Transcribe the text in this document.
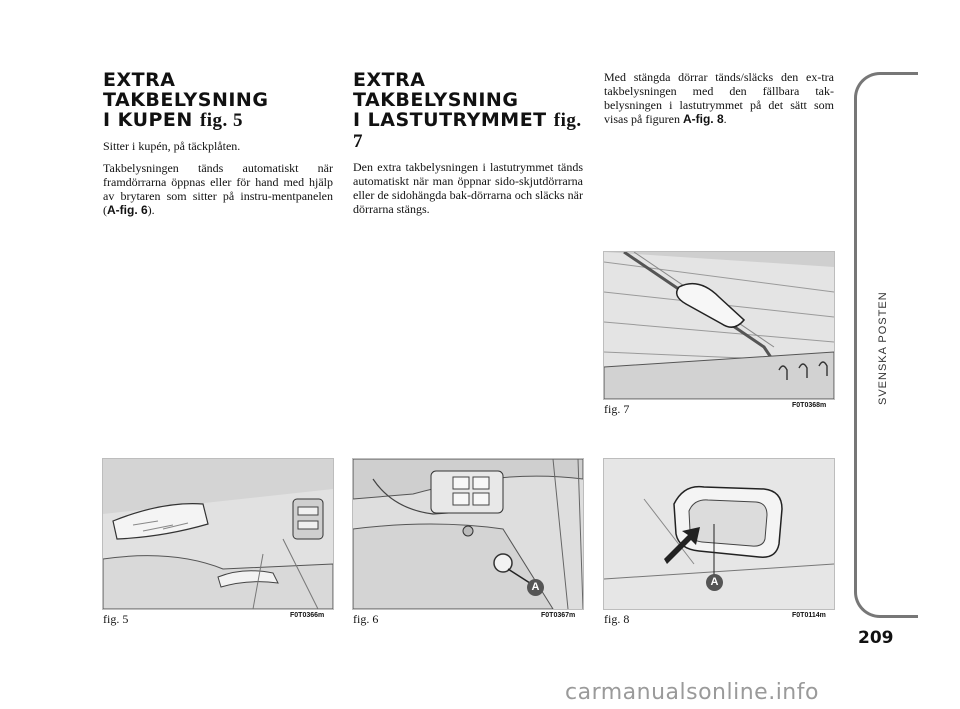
EXTRA TAKBELYSNING
I KUPEN fig. 5

Sitter i kupén, på täckplåten.

Takbelysningen tänds automatiskt när framdörrarna öppnas eller för hand med hjälp av brytaren som sitter på instru-mentpanelen (A-fig. 6).

EXTRA TAKBELYSNING
I LASTUTRYMMET fig. 7

Den extra takbelysningen i lastutrymmet tänds automatiskt när man öppnar sido-skjutdörrarna eller de sidohängda bak-dörrarna och släcks när dörrarna stängs.

Med stängda dörrar tänds/släcks den ex-tra takbelysningen med den fällbara tak-belysningen i lastutrymmet på det sätt som visas på figuren A-fig. 8.

fig. 5	F0T0366m
A
fig. 6	F0T0367m
fig. 7	F0T0368m
A
fig. 8	F0T0114m
SVENSKA POSTEN
209
carmanualsonline.info
